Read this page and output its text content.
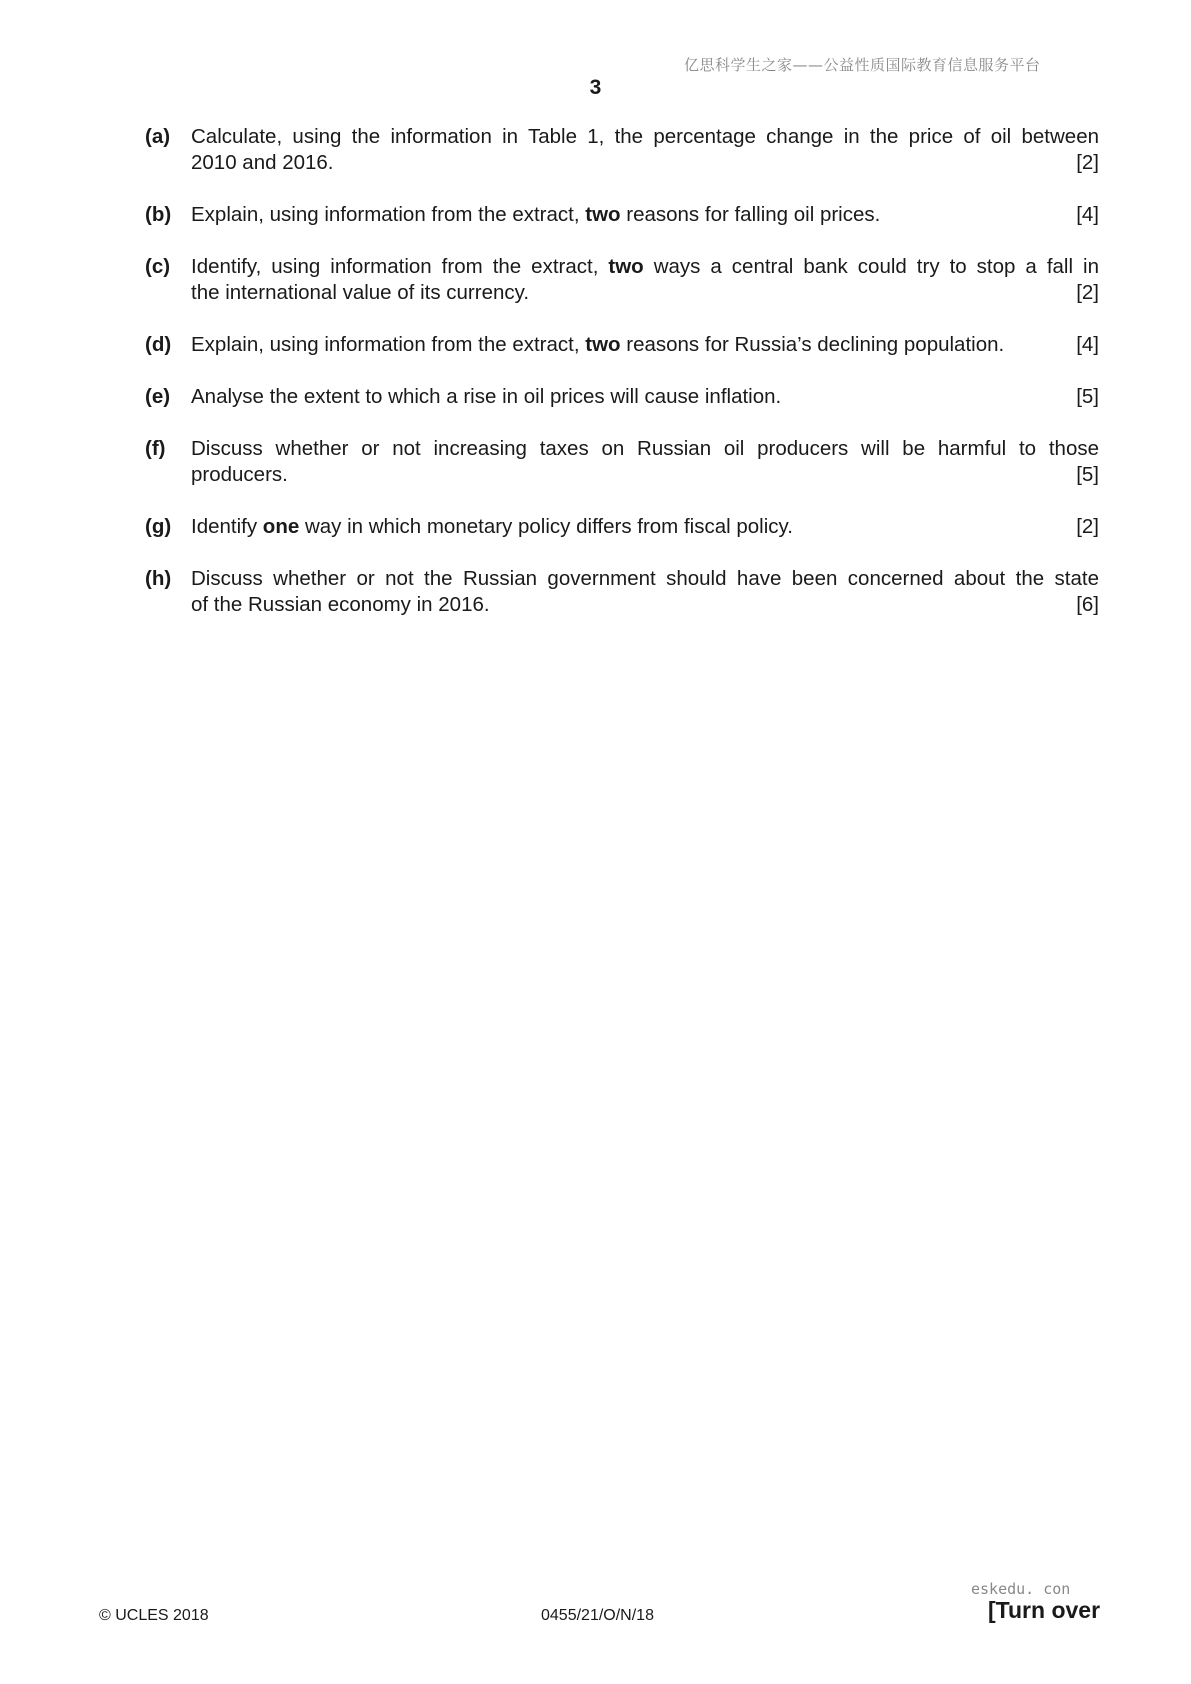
亿思科学生之家——公益性质国际教育信息服务平台
3
(a)	Calculate, using the information in Table 1, the percentage change in the price of oil between
2010 and 2016.	[2]
(b) Explain, using information from the extract, two reasons for falling oil prices.	[4]
(c)	Identify, using information from the extract, two ways a central bank could try to stop a fall in
the international value of its currency.	[2]
(d) Explain, using information from the extract, two reasons for Russia’s declining population.	[4]
(e)	Analyse the extent to which a rise in oil prices will cause inflation.	[5]
(f)	Discuss whether or not increasing taxes on Russian oil producers will be harmful to those
producers.	[5]
(g) Identify one way in which monetary policy differs from fiscal policy.	[2]
(h) Discuss whether or not the Russian government should have been concerned about the state
of the Russian economy in 2016.	[6]
© UCLES 2018	0455/21/O/N/18
eskedu. con
[Turn over
